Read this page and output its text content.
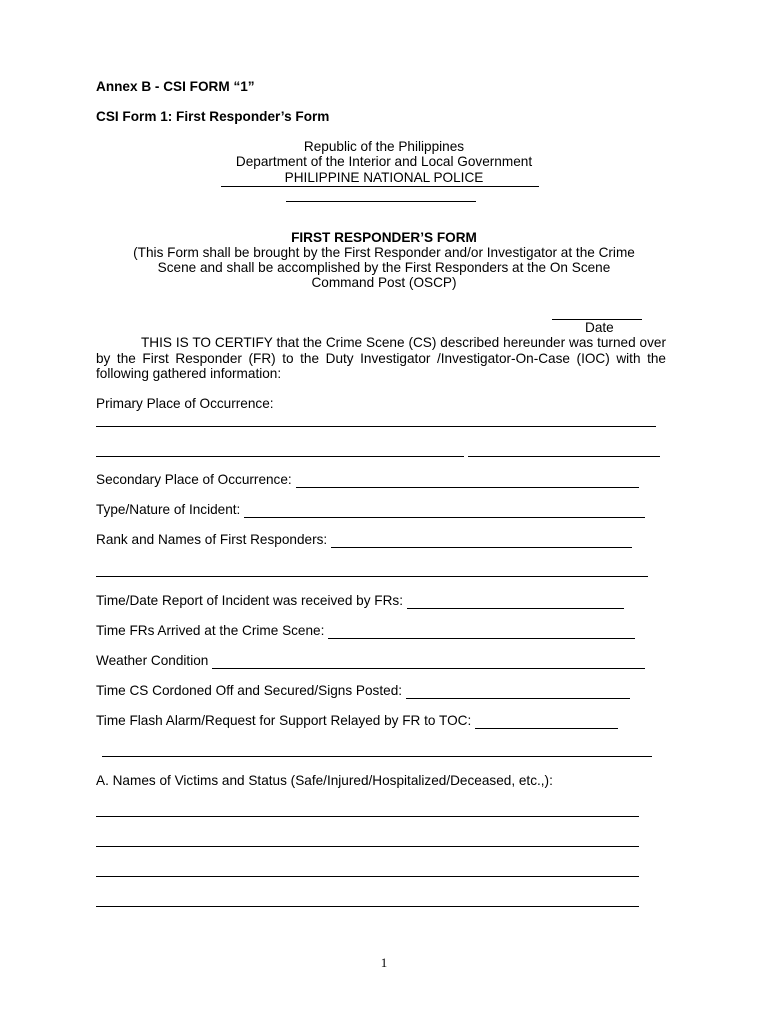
Annex B - CSI FORM “1”
CSI Form 1: First Responder’s Form
Republic of the Philippines
Department of the Interior and Local Government
PHILIPPINE NATIONAL POLICE
FIRST RESPONDER’S FORM
(This Form shall be brought by the First Responder and/or Investigator at the Crime
Scene and shall be accomplished by the First Responders at the On Scene
Command Post (OSCP)
Date
THIS IS TO CERTIFY that the Crime Scene (CS) described hereunder was turned over by the First Responder (FR) to the Duty Investigator /Investigator-On-Case (IOC) with the following gathered information:
Primary Place of Occurrence:
Secondary Place of Occurrence:
Type/Nature of Incident:
Rank and Names of First Responders:
Time/Date Report of Incident was received by FRs:
Time FRs Arrived at the Crime Scene:
Weather Condition
Time CS Cordoned Off and Secured/Signs Posted:
Time Flash Alarm/Request for Support Relayed by FR to TOC:
A. Names of Victims and Status (Safe/Injured/Hospitalized/Deceased, etc.,):
1
